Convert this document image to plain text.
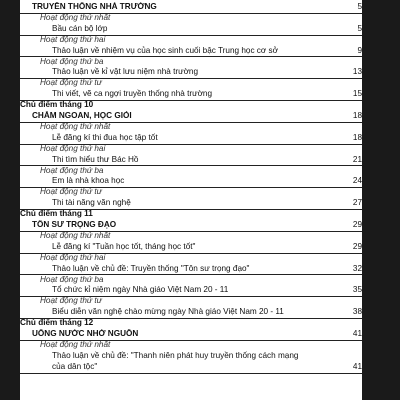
TRUYỀN THỐNG NHÀ TRƯỜNG	5
Hoạt động thứ nhất
Bầu cán bộ lớp	5
Hoạt động thứ hai
Thảo luận về nhiệm vụ của học sinh cuối bậc Trung học cơ sở	9
Hoạt động thứ ba
Thảo luận về kỉ vật lưu niệm nhà trường	13
Hoạt động thứ tư
Thi viết, vẽ ca ngợi truyền thống nhà trường	15
Chủ điểm tháng 10
CHĂM NGOAN, HỌC GIỎI	18
Hoạt động thứ nhất
Lễ đăng kí thi đua học tập tốt	18
Hoạt động thứ hai
Thi tìm hiểu thư Bác Hồ	21
Hoạt động thứ ba
Em là nhà khoa học	24
Hoạt động thứ tư
Thi tài năng văn nghệ	27
Chủ điểm tháng 11
TÔN SƯ TRỌNG ĐẠO	29
Hoạt động thứ nhất
Lễ đăng kí "Tuần học tốt, tháng học tốt"	29
Hoạt động thứ hai
Thảo luận về chủ đề: Truyền thống "Tôn sư trọng đạo"	32
Hoạt động thứ ba
Tổ chức kỉ niệm ngày Nhà giáo Việt Nam 20 - 11	35
Hoạt động thứ tư
Biểu diễn văn nghệ chào mừng ngày Nhà giáo Việt Nam 20 - 11	38
Chủ điểm tháng 12
UỐNG NƯỚC NHỚ NGUỒN	41
Hoạt động thứ nhất
Thảo luận về chủ đề: "Thanh niên phát huy truyền thống cách mạng
của dân tộc"	41
